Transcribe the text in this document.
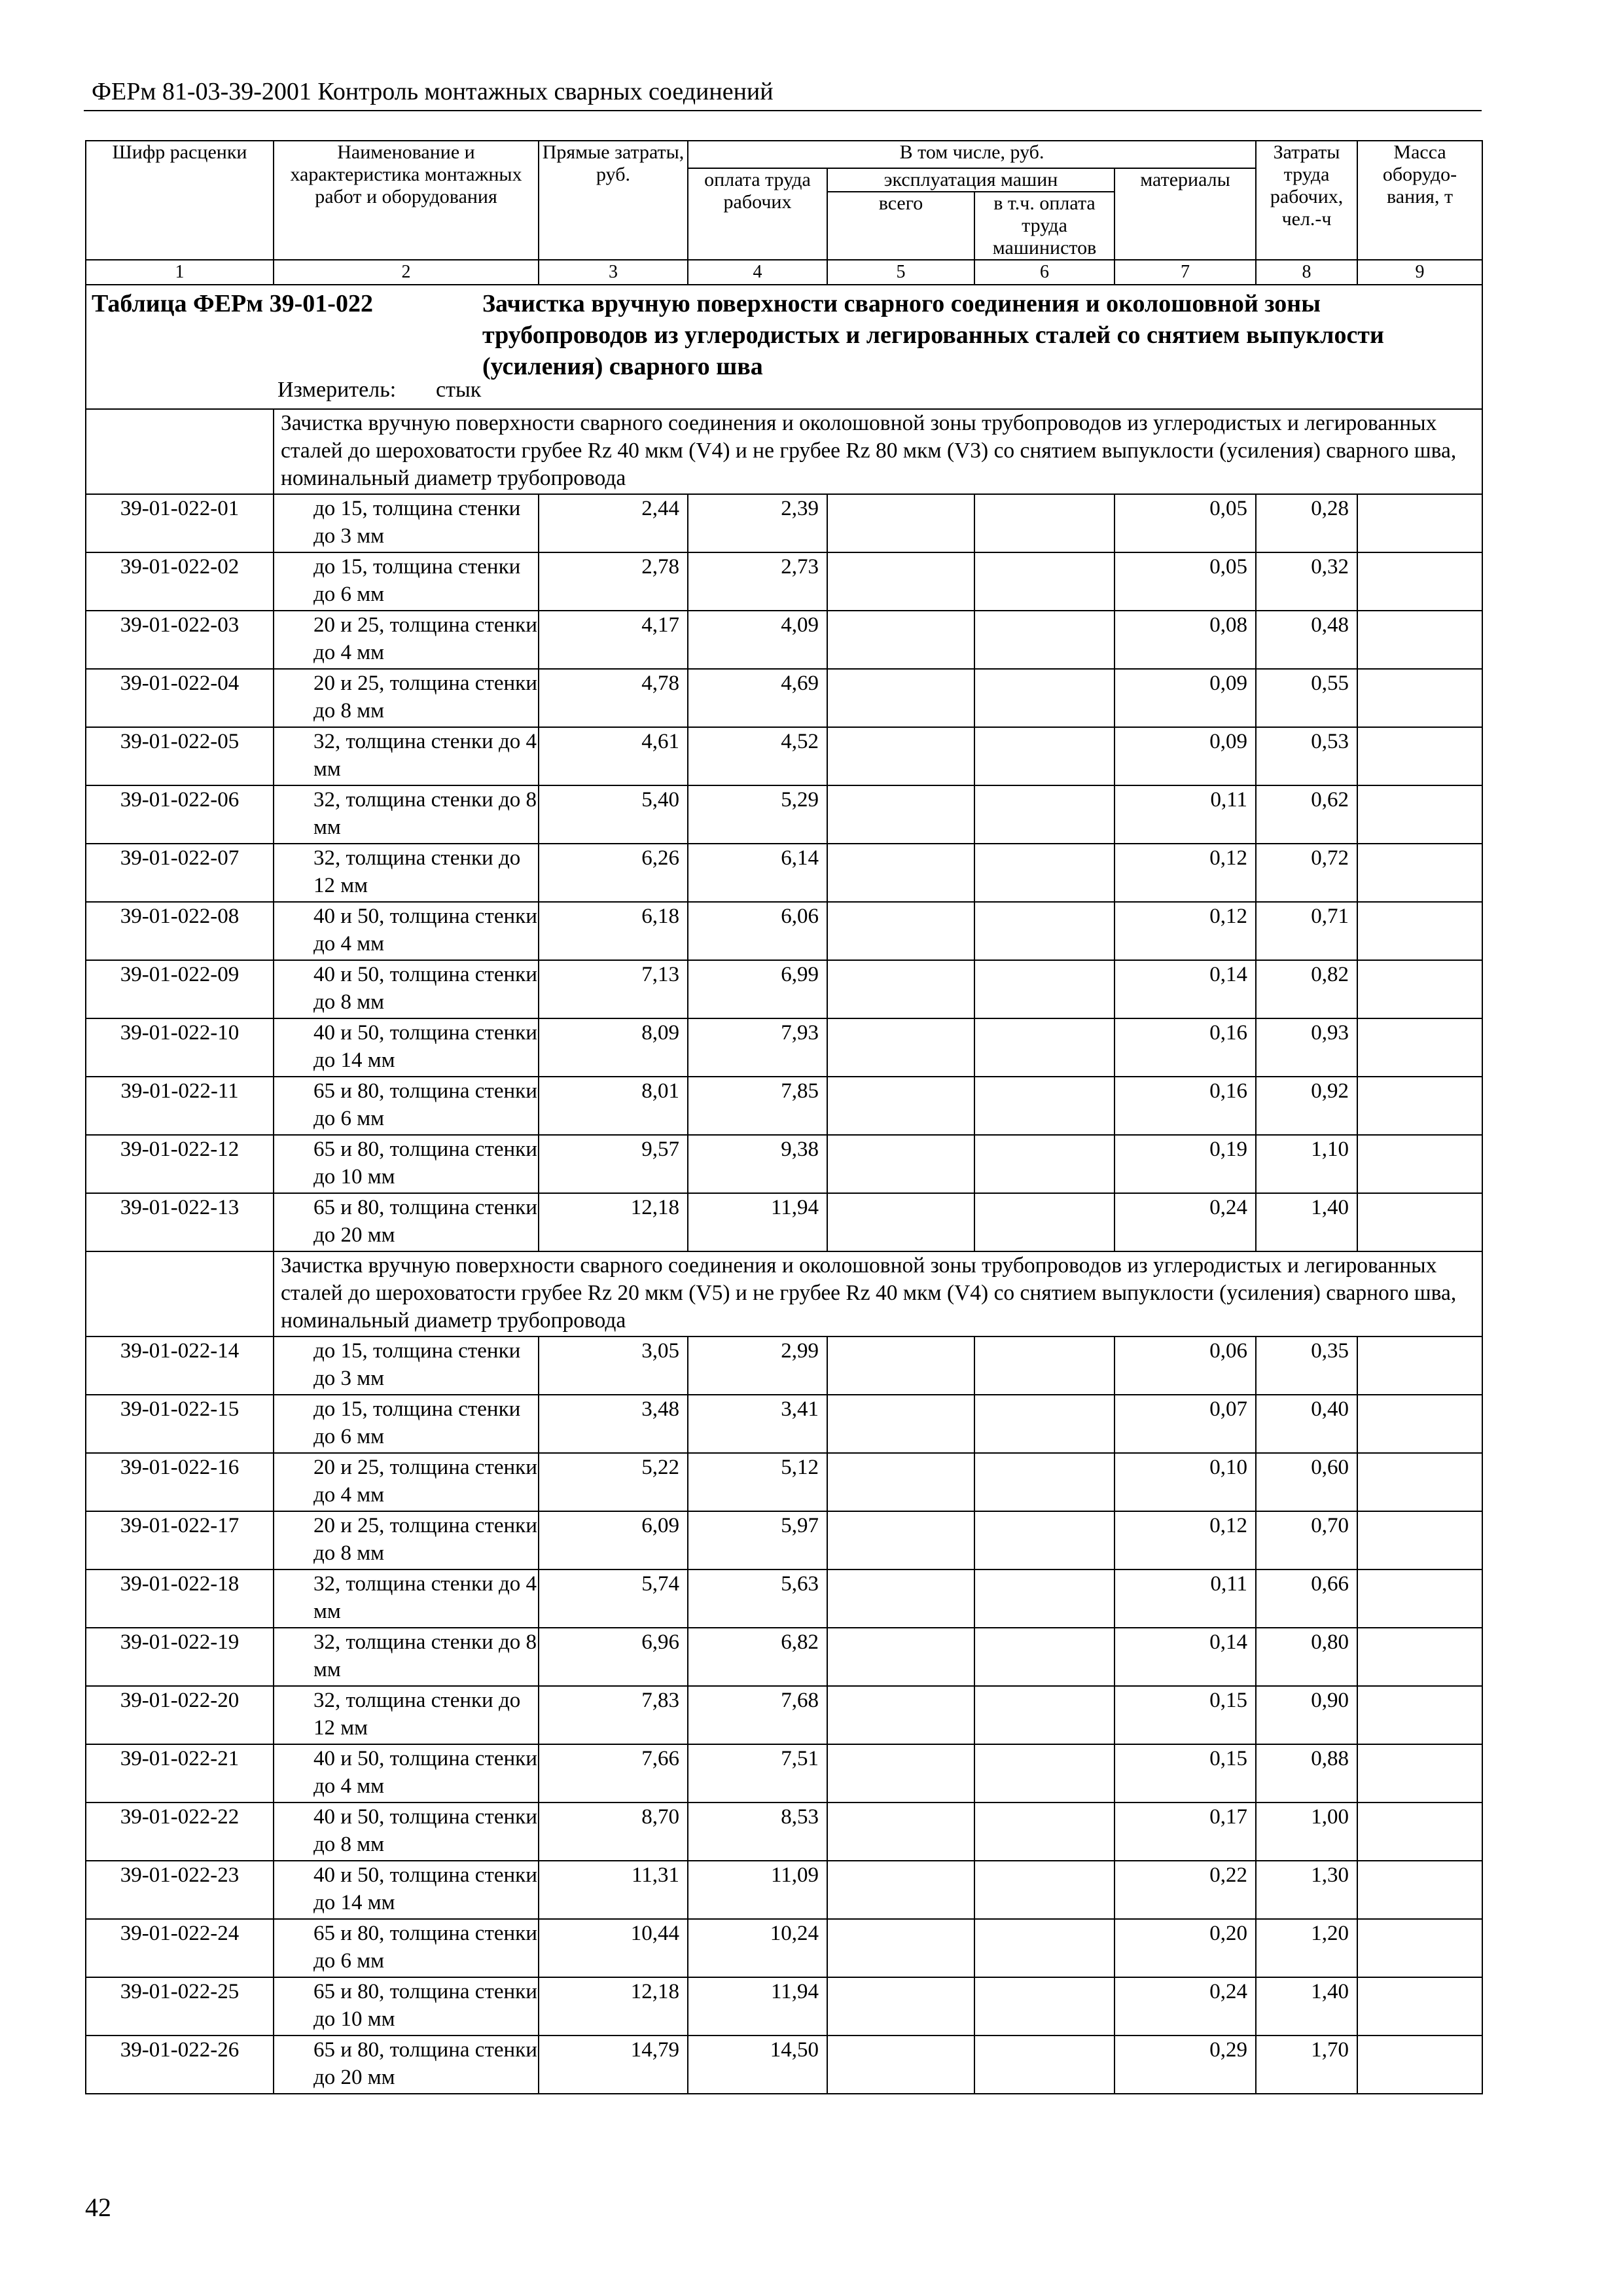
ФЕРм 81-03-39-2001 Контроль монтажных сварных соединений
Шифр расценки	Наименование и характеристика монтажных работ и оборудования	Прямые затраты, руб.	В том числе, руб.				Затраты труда рабочих, чел.-ч	Масса оборудо-вания, т
			оплата труда рабочих	эксплуатация машин		материалы		
				всего	в т.ч. оплата труда машинистов			
1	2	3	4	5	6	7	8	9

Таблица ФЕРм 39-01-022 Зачистка вручную поверхности сварного соединения и околошовной зоны трубопроводов из углеродистых и легированных сталей со снятием выпуклости (усиления) сварного шва
Измеритель: стык								

	Зачистка вручную поверхности сварного соединения и околошовной зоны трубопроводов из углеродистых и легированных сталей до шероховатости грубее Rz 40 мкм (V4) и не грубее Rz 80 мкм (V3) со снятием выпуклости (усиления) сварного шва, номинальный диаметр трубопровода							

39-01-022-01	до 15, толщина стенки до 3 мм	2,44	2,39			0,05	0,28	
39-01-022-02	до 15, толщина стенки до 6 мм	2,78	2,73			0,05	0,32	
39-01-022-03	20 и 25, толщина стенки до 4 мм	4,17	4,09			0,08	0,48	
39-01-022-04	20 и 25, толщина стенки до 8 мм	4,78	4,69			0,09	0,55	
39-01-022-05	32, толщина стенки до 4 мм	4,61	4,52			0,09	0,53	
39-01-022-06	32, толщина стенки до 8 мм	5,40	5,29			0,11	0,62	
39-01-022-07	32, толщина стенки до 12 мм	6,26	6,14			0,12	0,72	
39-01-022-08	40 и 50, толщина стенки до 4 мм	6,18	6,06			0,12	0,71	
39-01-022-09	40 и 50, толщина стенки до 8 мм	7,13	6,99			0,14	0,82	
39-01-022-10	40 и 50, толщина стенки до 14 мм	8,09	7,93			0,16	0,93	
39-01-022-11	65 и 80, толщина стенки до 6 мм	8,01	7,85			0,16	0,92	
39-01-022-12	65 и 80, толщина стенки до 10 мм	9,57	9,38			0,19	1,10	
39-01-022-13	65 и 80, толщина стенки до 20 мм	12,18	11,94			0,24	1,40	

	Зачистка вручную поверхности сварного соединения и околошовной зоны трубопроводов из углеродистых и легированных сталей до шероховатости грубее Rz 20 мкм (V5) и не грубее Rz 40 мкм (V4) со снятием выпуклости (усиления) сварного шва, номинальный диаметр трубопровода							

39-01-022-14	до 15, толщина стенки до 3 мм	3,05	2,99			0,06	0,35	
39-01-022-15	до 15, толщина стенки до 6 мм	3,48	3,41			0,07	0,40	
39-01-022-16	20 и 25, толщина стенки до 4 мм	5,22	5,12			0,10	0,60	
39-01-022-17	20 и 25, толщина стенки до 8 мм	6,09	5,97			0,12	0,70	
39-01-022-18	32, толщина стенки до 4 мм	5,74	5,63			0,11	0,66	
39-01-022-19	32, толщина стенки до 8 мм	6,96	6,82			0,14	0,80	
39-01-022-20	32, толщина стенки до 12 мм	7,83	7,68			0,15	0,90	
39-01-022-21	40 и 50, толщина стенки до 4 мм	7,66	7,51			0,15	0,88	
39-01-022-22	40 и 50, толщина стенки до 8 мм	8,70	8,53			0,17	1,00	
39-01-022-23	40 и 50, толщина стенки до 14 мм	11,31	11,09			0,22	1,30	
39-01-022-24	65 и 80, толщина стенки до 6 мм	10,44	10,24			0,20	1,20	
39-01-022-25	65 и 80, толщина стенки до 10 мм	12,18	11,94			0,24	1,40	
39-01-022-26	65 и 80, толщина стенки до 20 мм	14,79	14,50			0,29	1,70	
42
